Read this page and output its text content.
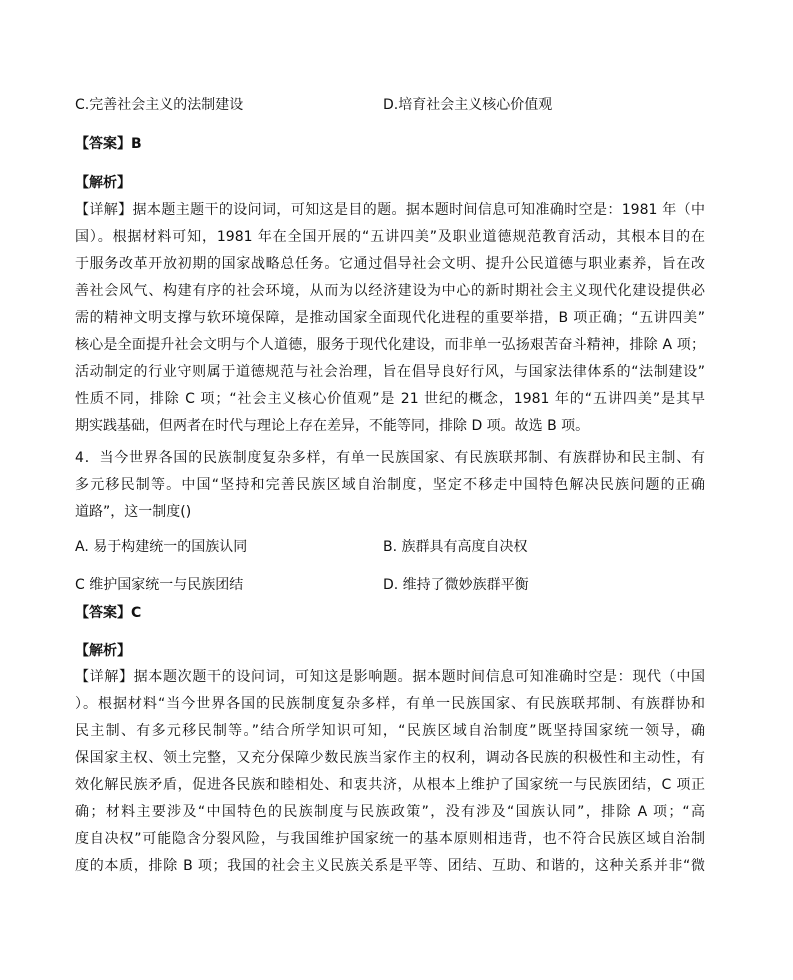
C.完善社会主义的法制建设	D.培育社会主义核心价值观
【答案】B
【解析】
【详解】据本题主题干的设问词，可知这是目的题。据本题时间信息可知准确时空是：1981 年（中
国）。根据材料可知，1981 年在全国开展的“五讲四美”及职业道德规范教育活动，其根本目的在
于服务改革开放初期的国家战略总任务。它通过倡导社会文明、提升公民道德与职业素养，旨在改
善社会风气、构建有序的社会环境，从而为以经济建设为中心的新时期社会主义现代化建设提供必
需的精神文明支撑与软环境保障，是推动国家全面现代化进程的重要举措，B 项正确；“五讲四美”
核心是全面提升社会文明与个人道德，服务于现代化建设，而非单一弘扬艰苦奋斗精神，排除 A 项；
活动制定的行业守则属于道德规范与社会治理，旨在倡导良好行风，与国家法律体系的“法制建设”
性质不同，排除 C 项；“社会主义核心价值观”是 21 世纪的概念，1981 年的“五讲四美”是其早
期实践基础，但两者在时代与理论上存在差异，不能等同，排除 D 项。故选 B 项。
4．当今世界各国的民族制度复杂多样，有单一民族国家、有民族联邦制、有族群协和民主制、有
多元移民制等。中国“坚持和完善民族区域自治制度，坚定不移走中国特色解决民族问题的正确
道路”，这一制度()
A. 易于构建统一的国族认同	B. 族群具有高度自决权
C 维护国家统一与民族团结	D. 维持了微妙族群平衡
【答案】C
【解析】
【详解】据本题次题干的设问词，可知这是影响题。据本题时间信息可知准确时空是：现代（中国
）。根据材料“当今世界各国的民族制度复杂多样，有单一民族国家、有民族联邦制、有族群协和
民主制、有多元移民制等。”结合所学知识可知，“民族区域自治制度”既坚持国家统一领导，确
保国家主权、领土完整，又充分保障少数民族当家作主的权利，调动各民族的积极性和主动性，有
效化解民族矛盾，促进各民族和睦相处、和衷共济，从根本上维护了国家统一与民族团结，C 项正
确；材料主要涉及“中国特色的民族制度与民族政策”，没有涉及“国族认同”，排除 A 项；“高
度自决权”可能隐含分裂风险，与我国维护国家统一的基本原则相违背，也不符合民族区域自治制
度的本质，排除 B 项；我国的社会主义民族关系是平等、团结、互助、和谐的，这种关系并非“微
